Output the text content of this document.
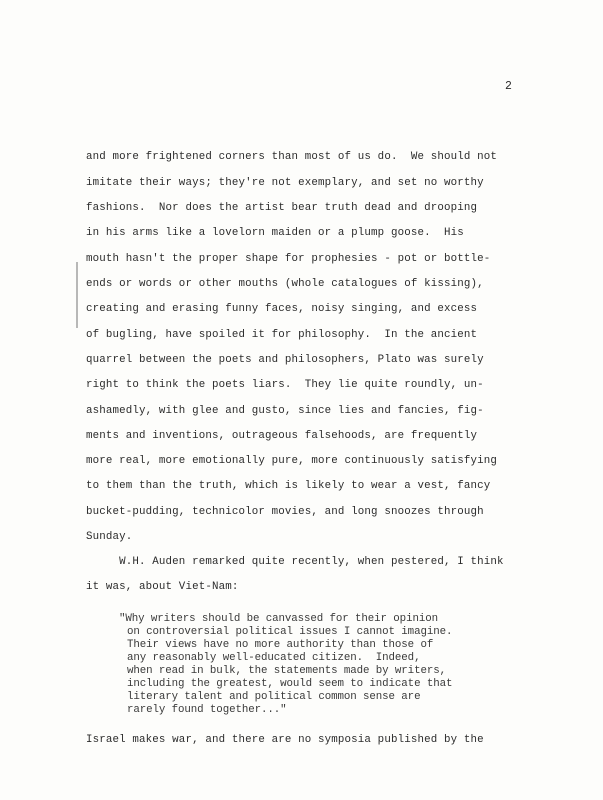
2
and more frightened corners than most of us do.  We should not
imitate their ways; they're not exemplary, and set no worthy
fashions.  Nor does the artist bear truth dead and drooping
in his arms like a lovelorn maiden or a plump goose.  His
mouth hasn't the proper shape for prophesies - pot or bottle-
ends or words or other mouths (whole catalogues of kissing),
creating and erasing funny faces, noisy singing, and excess
of bugling, have spoiled it for philosophy.  In the ancient
quarrel between the poets and philosophers, Plato was surely
right to think the poets liars.  They lie quite roundly, un-
ashamedly, with glee and gusto, since lies and fancies, fig-
ments and inventions, outrageous falsehoods, are frequently
more real, more emotionally pure, more continuously satisfying
to them than the truth, which is likely to wear a vest, fancy
bucket-pudding, technicolor movies, and long snoozes through
Sunday.
W.H. Auden remarked quite recently, when pestered, I think
it was, about Viet-Nam:
"Why writers should be canvassed for their opinion
on controversial political issues I cannot imagine.
Their views have no more authority than those of
any reasonably well-educated citizen.  Indeed,
when read in bulk, the statements made by writers,
including the greatest, would seem to indicate that
literary talent and political common sense are
rarely found together..."
Israel makes war, and there are no symposia published by the
